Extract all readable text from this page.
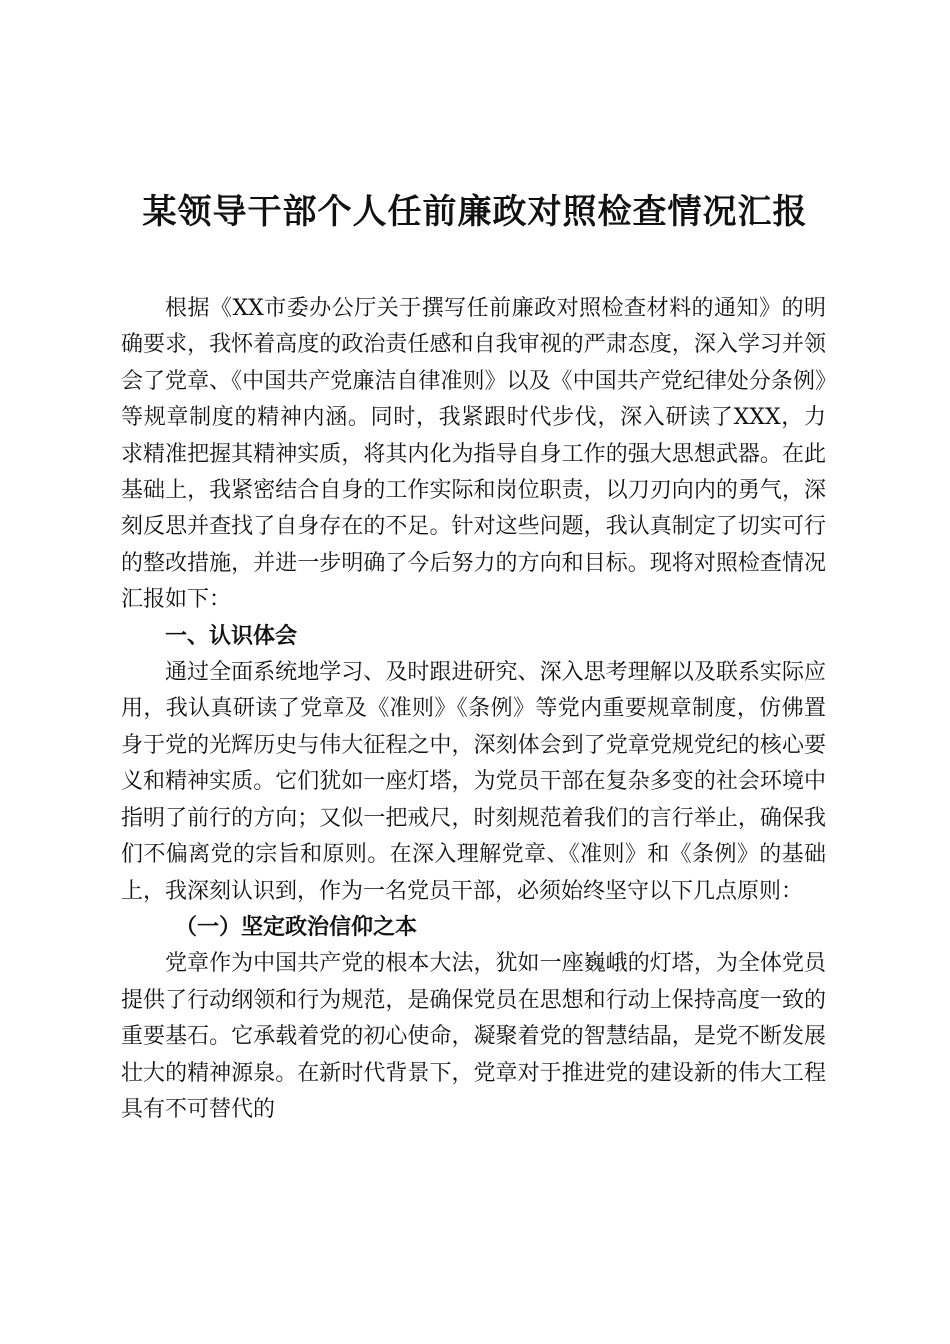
某领导干部个人任前廉政对照检查情况汇报

根据《XX市委办公厅关于撰写任前廉政对照检查材料的通知》的明确要求，我怀着高度的政治责任感和自我审视的严肃态度，深入学习并领会了党章、《中国共产党廉洁自律准则》以及《中国共产党纪律处分条例》等规章制度的精神内涵。同时，我紧跟时代步伐，深入研读了XXX，力求精准把握其精神实质，将其内化为指导自身工作的强大思想武器。在此基础上，我紧密结合自身的工作实际和岗位职责，以刀刃向内的勇气，深刻反思并查找了自身存在的不足。针对这些问题，我认真制定了切实可行的整改措施，并进一步明确了今后努力的方向和目标。现将对照检查情况汇报如下：

一、认识体会

通过全面系统地学习、及时跟进研究、深入思考理解以及联系实际应用，我认真研读了党章及《准则》《条例》等党内重要规章制度，仿佛置身于党的光辉历史与伟大征程之中，深刻体会到了党章党规党纪的核心要义和精神实质。它们犹如一座灯塔，为党员干部在复杂多变的社会环境中指明了前行的方向；又似一把戒尺，时刻规范着我们的言行举止，确保我们不偏离党的宗旨和原则。在深入理解党章、《准则》和《条例》的基础上，我深刻认识到，作为一名党员干部，必须始终坚守以下几点原则：

（一）坚定政治信仰之本

党章作为中国共产党的根本大法，犹如一座巍峨的灯塔，为全体党员提供了行动纲领和行为规范，是确保党员在思想和行动上保持高度一致的重要基石。它承载着党的初心使命，凝聚着党的智慧结晶，是党不断发展壮大的精神源泉。在新时代背景下，党章对于推进党的建设新的伟大工程具有不可替代的
